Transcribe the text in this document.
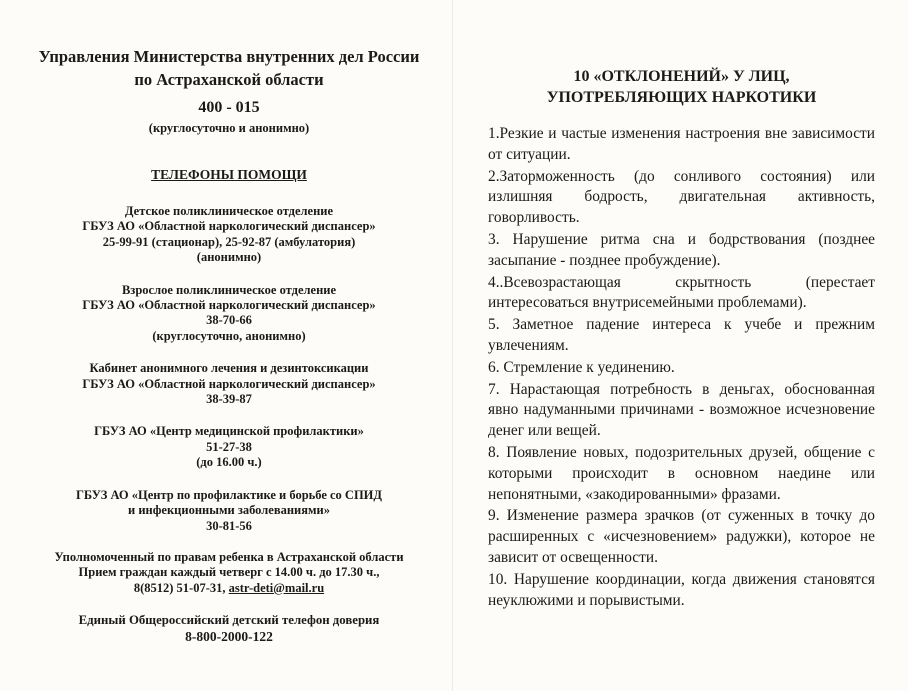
Управления Министерства внутренних дел России
по Астраханской области
400 - 015
(круглосуточно и анонимно)
ТЕЛЕФОНЫ ПОМОЩИ
Детское поликлиническое отделение
ГБУЗ АО «Областной наркологический диспансер»
25-99-91 (стационар), 25-92-87 (амбулатория)
(анонимно)
Взрослое поликлиническое отделение
ГБУЗ АО «Областной наркологический диспансер»
38-70-66
(круглосуточно, анонимно)
Кабинет анонимного лечения и дезинтоксикации
ГБУЗ АО «Областной наркологический диспансер»
38-39-87
ГБУЗ АО «Центр медицинской профилактики»
51-27-38
(до 16.00 ч.)
ГБУЗ АО «Центр по профилактике и борьбе со СПИД
и инфекционными заболеваниями»
30-81-56
Уполномоченный по правам ребенка в Астраханской области
Прием граждан каждый четверг с 14.00 ч. до 17.30 ч.,
8(8512) 51-07-31, astr-deti@mail.ru
Единый Общероссийский детский телефон доверия
8-800-2000-122
10 «ОТКЛОНЕНИЙ» У ЛИЦ,
УПОТРЕБЛЯЮЩИХ НАРКОТИКИ

1.Резкие и частые изменения настроения вне зависимости от ситуации.

2.Заторможенность (до сонливого состояния) или излишняя бодрость, двигательная активность, говорливость.

3. Нарушение ритма сна и бодрствования (позднее засыпание - позднее пробуждение).

4..Всевозрастающая скрытность (перестает интересоваться внутрисемейными проблемами).

5. Заметное падение интереса к учебе и прежним увлечениям.

6. Стремление к уединению.

7. Нарастающая потребность в деньгах, обоснованная явно надуманными причинами - возможное исчезновение денег или вещей.

8. Появление новых, подозрительных друзей, общение с которыми происходит в основном наедине или непонятными, «закодированными» фразами.

9. Изменение размера зрачков (от суженных в точку до расширенных с «исчезновением» радужки), которое не зависит от освещенности.

10. Нарушение координации, когда движения становятся неуклюжими и порывистыми.
